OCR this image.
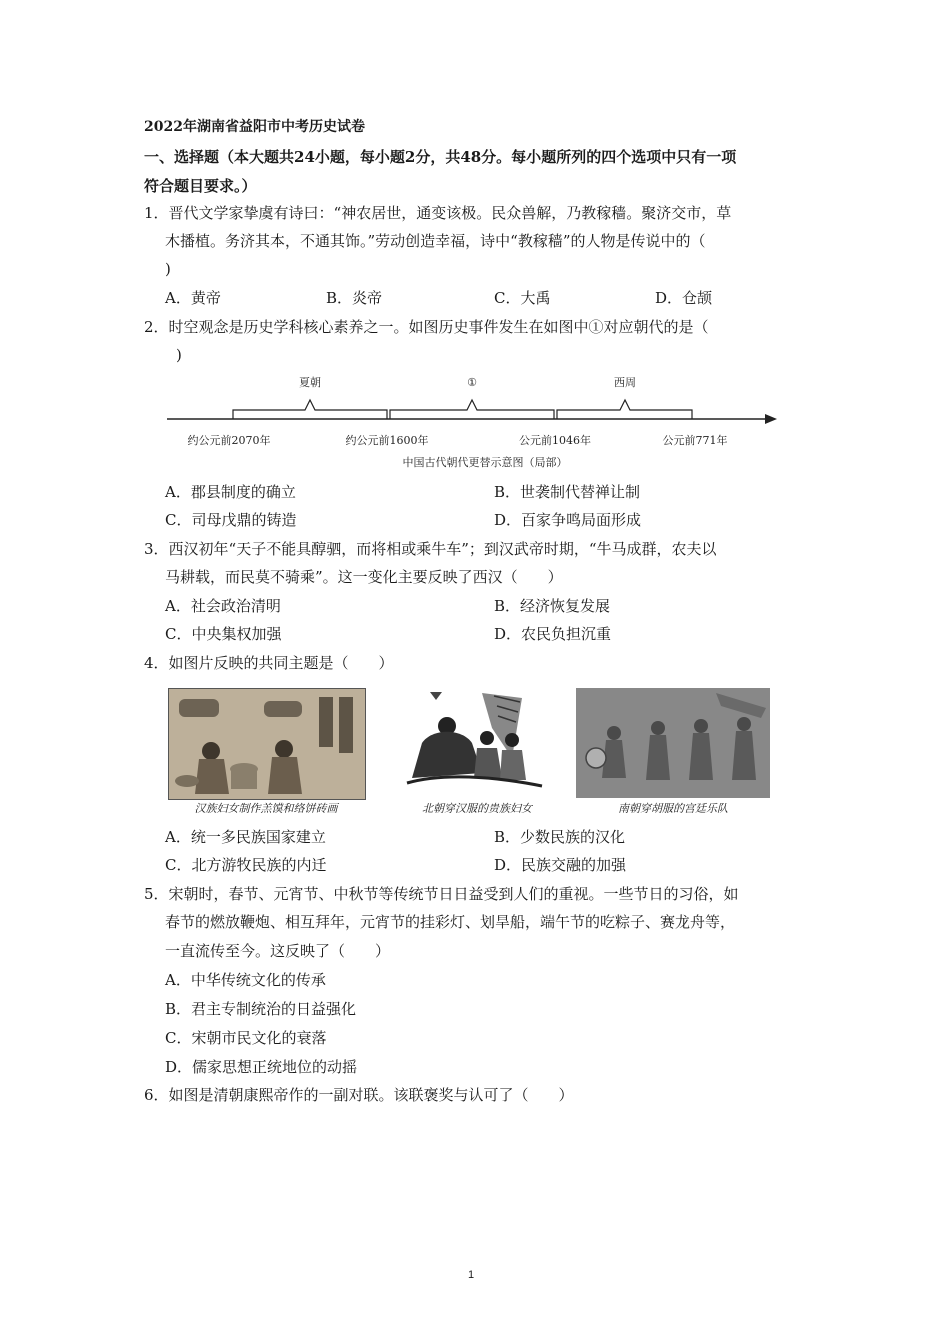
2022年湖南省益阳市中考历史试卷
一、选择题（本大题共24小题，每小题2分，共48分。每小题所列的四个选项中只有一项
符合题目要求。）
1．晋代文学家挚虞有诗曰：“神农居世，通变该极。民众兽解，乃教稼穑。聚济交市，草
木播植。务济其本，不通其饰。”劳动创造幸福，诗中“教稼穑”的人物是传说中的（
)
A．黄帝	B．炎帝	C．大禹	D．仓颉
2．时空观念是历史学科核心素养之一。如图历史事件发生在如图中①对应朝代的是（
)
夏朝	①	西周
约公元前2070年	约公元前1600年	公元前1046年	公元前771年
中国古代朝代更替示意图（局部）
A．郡县制度的确立	B．世袭制代替禅让制
C．司母戊鼎的铸造	D．百家争鸣局面形成
3．西汉初年“天子不能具醇驷，而将相或乘牛车”；到汉武帝时期，“牛马成群，农夫以
马耕载，而民莫不骑乘”。这一变化主要反映了西汉（　　）
A．社会政治清明	B．经济恢复发展
C．中央集权加强	D．农民负担沉重
4．如图片反映的共同主题是（　　）
汉族妇女制作羔馍和络饼砖画	北朝穿汉服的贵族妇女	南朝穿胡服的宫廷乐队
A．统一多民族国家建立	B．少数民族的汉化
C．北方游牧民族的内迁	D．民族交融的加强
5．宋朝时，春节、元宵节、中秋节等传统节日日益受到人们的重视。一些节日的习俗，如
春节的燃放鞭炮、相互拜年，元宵节的挂彩灯、划旱船，端午节的吃粽子、赛龙舟等，
一直流传至今。这反映了（　　）
A．中华传统文化的传承
B．君主专制统治的日益强化
C．宋朝市民文化的衰落
D．儒家思想正统地位的动摇
6．如图是清朝康熙帝作的一副对联。该联褒奖与认可了（　　）
1
